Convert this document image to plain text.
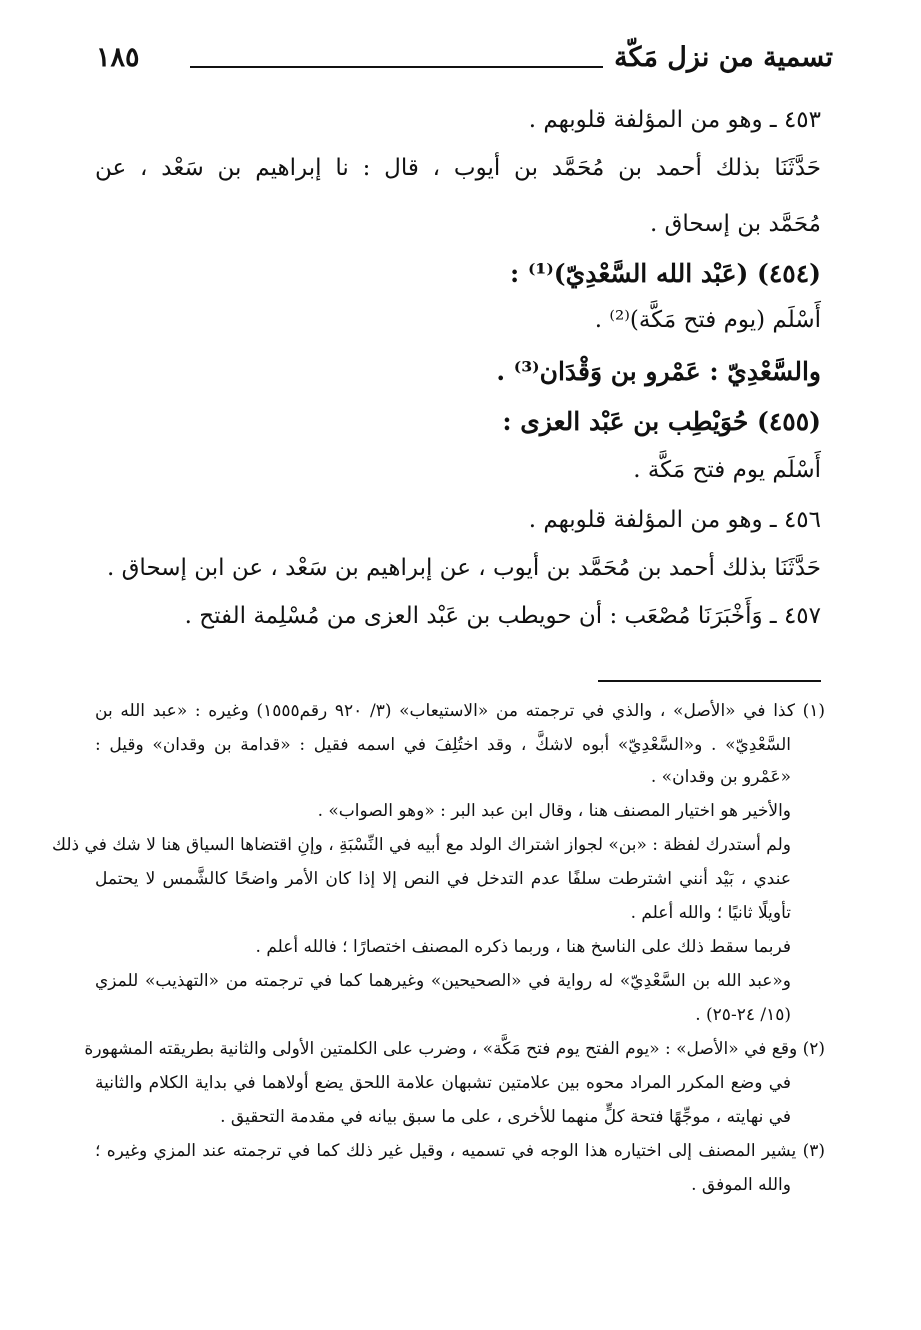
تسمية من نزل مَكّة
١٨٥
٤٥٣ ـ وهو من المؤلفة قلوبهم .
حَدَّثَنَا بذلك أحمد بن مُحَمَّد بن أيوب ، قال : نا إبراهيم بن سَعْد ، عن
مُحَمَّد بن إسحاق .
(٤٥٤) (عَبْد الله السَّعْدِيّ)⁽¹⁾ :
أَسْلَم (يوم فتح مَكَّة)⁽²⁾ .
والسَّعْدِيّ : عَمْرو بن وَقْدَان⁽³⁾ .
(٤٥٥) حُوَيْطِب بن عَبْد العزى :
أَسْلَم يوم فتح مَكَّة .
٤٥٦ ـ وهو من المؤلفة قلوبهم .
حَدَّثَنَا بذلك أحمد بن مُحَمَّد بن أيوب ، عن إبراهيم بن سَعْد ، عن ابن إسحاق .
٤٥٧ ـ وَأَخْبَرَنَا مُصْعَب : أن حويطب بن عَبْد العزى من مُسْلِمة الفتح .
(١) كذا في «الأصل» ، والذي في ترجمته من «الاستيعاب» (٣/ ٩٢٠ رقم١٥٥٥) وغيره : «عبد الله بن
السَّعْدِيّ» . و«السَّعْدِيّ» أبوه لاشكَّ ، وقد اختُلِفَ في اسمه فقيل : «قدامة بن وقدان» وقيل :
«عَمْرو بن وقدان» .
والأخير هو اختيار المصنف هنا ، وقال ابن عبد البر : «وهو الصواب» .
ولم أستدرك لفظة : «بن» لجواز اشتراك الولد مع أبيه في النِّسْبَةِ ، وإنِ اقتضاها السياق هنا لا شك في ذلك
عندي ، بَيْد أنني اشترطت سلفًا عدم التدخل في النص إلا إذا كان الأمر واضحًا كالشَّمس لا يحتمل
تأويلًا ثانيًا ؛ والله أعلم .
فربما سقط ذلك على الناسخ هنا ، وربما ذكره المصنف اختصارًا ؛ فالله أعلم .
و«عبد الله بن السَّعْدِيّ» له رواية في «الصحيحين» وغيرهما كما في ترجمته من «التهذيب» للمزي
(١٥/ ٢٤-٢٥) .
(٢) وقع في «الأصل» : «يوم الفتح يوم فتح مَكَّة» ، وضرب على الكلمتين الأولى والثانية بطريقته المشهورة
في وضع المكرر المراد محوه بين علامتين تشبهان علامة اللحق يضع أولاهما في بداية الكلام والثانية
في نهايته ، موجِّهًا فتحة كلٍّ منهما للأخرى ، على ما سبق بيانه في مقدمة التحقيق .
(٣) يشير المصنف إلى اختياره هذا الوجه في تسميه ، وقيل غير ذلك كما في ترجمته عند المزي وغيره ؛
والله الموفق .
